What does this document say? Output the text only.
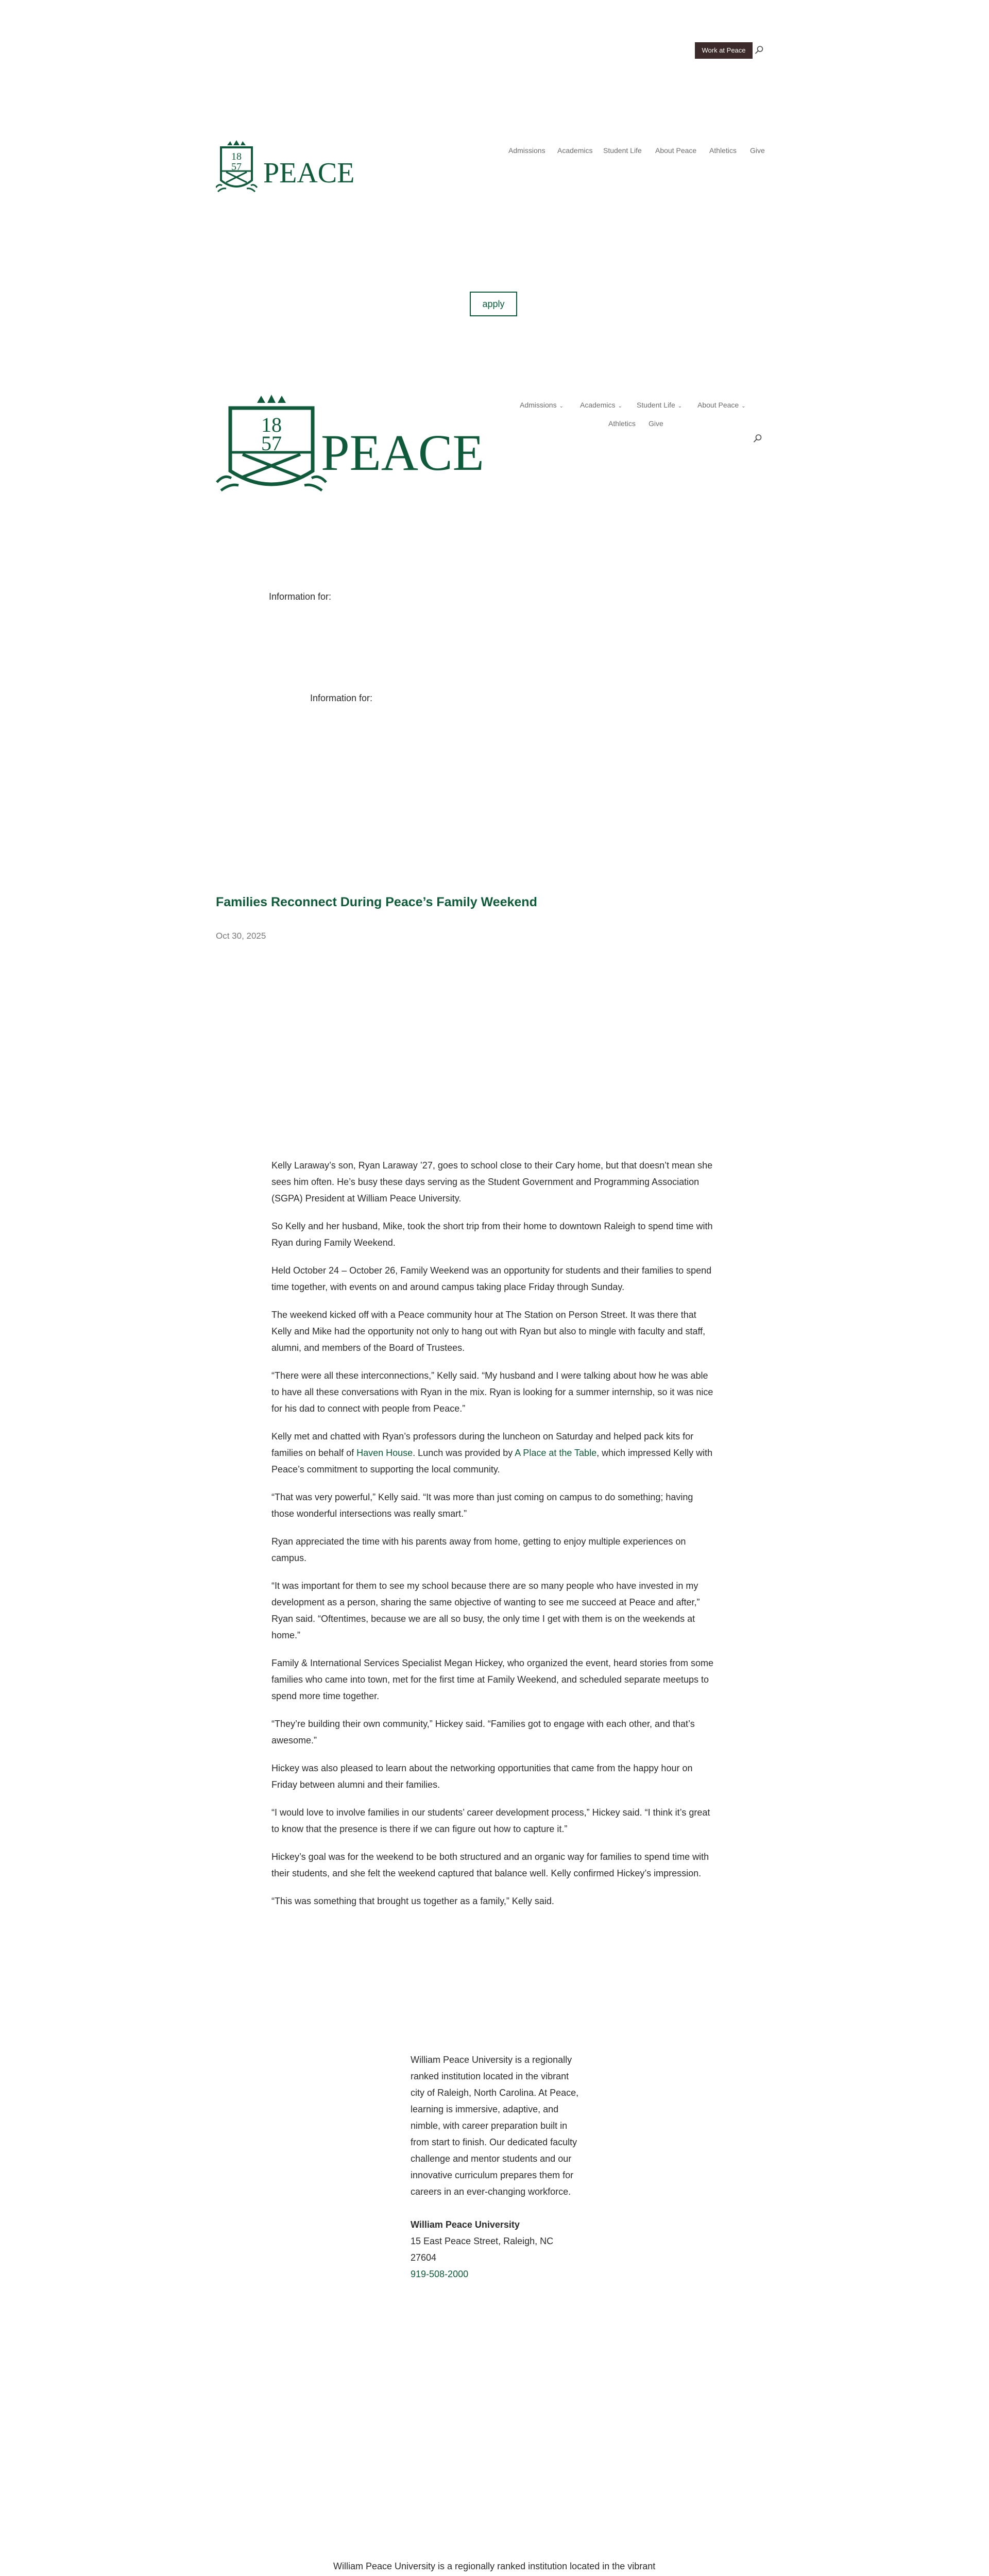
Work at Peace
18
57 PEACE
Admissions Academics Student Life About Peace Athletics Give
apply
18
57 PEACE
Admissions ⌄ Academics ⌄ Student Life ⌄ About Peace ⌄
Athletics Give
Information for:
Information for:
Families Reconnect During Peace’s Family Weekend
Oct 30, 2025

Kelly Laraway’s son, Ryan Laraway ’27, goes to school close to their Cary home, but that doesn’t mean she sees him often. He’s busy these days serving as the Student Government and Programming Association (SGPA) President at William Peace University.

So Kelly and her husband, Mike, took the short trip from their home to downtown Raleigh to spend time with Ryan during Family Weekend.

Held October 24 – October 26, Family Weekend was an opportunity for students and their families to spend time together, with events on and around campus taking place Friday through Sunday.

The weekend kicked off with a Peace community hour at The Station on Person Street. It was there that Kelly and Mike had the opportunity not only to hang out with Ryan but also to mingle with faculty and staff, alumni, and members of the Board of Trustees.

“There were all these interconnections,” Kelly said. “My husband and I were talking about how he was able to have all these conversations with Ryan in the mix. Ryan is looking for a summer internship, so it was nice for his dad to connect with people from Peace.”

Kelly met and chatted with Ryan’s professors during the luncheon on Saturday and helped pack kits for families on behalf of Haven House. Lunch was provided by A Place at the Table, which impressed Kelly with Peace’s commitment to supporting the local community.

“That was very powerful,” Kelly said. “It was more than just coming on campus to do something; having those wonderful intersections was really smart.”

Ryan appreciated the time with his parents away from home, getting to enjoy multiple experiences on campus.

“It was important for them to see my school because there are so many people who have invested in my development as a person, sharing the same objective of wanting to see me succeed at Peace and after,” Ryan said. “Oftentimes, because we are all so busy, the only time I get with them is on the weekends at home.”

Family & International Services Specialist Megan Hickey, who organized the event, heard stories from some families who came into town, met for the first time at Family Weekend, and scheduled separate meetups to spend more time together.

“They’re building their own community,” Hickey said. “Families got to engage with each other, and that’s awesome.”

Hickey was also pleased to learn about the networking opportunities that came from the happy hour on Friday between alumni and their families.

“I would love to involve families in our students’ career development process,” Hickey said. “I think it’s great to know that the presence is there if we can figure out how to capture it.”

Hickey’s goal was for the weekend to be both structured and an organic way for families to spend time with their students, and she felt the weekend captured that balance well. Kelly confirmed Hickey’s impression.

“This was something that brought us together as a family,” Kelly said.

William Peace University is a regionally ranked institution located in the vibrant city of Raleigh, North Carolina. At Peace, learning is immersive, adaptive, and nimble, with career preparation built in from start to finish. Our dedicated faculty challenge and mentor students and our innovative curriculum prepares them for careers in an ever-changing workforce.

William Peace University

15 East Peace Street, Raleigh, NC 27604

919-508-2000

William Peace University is a regionally ranked institution located in the vibrant
